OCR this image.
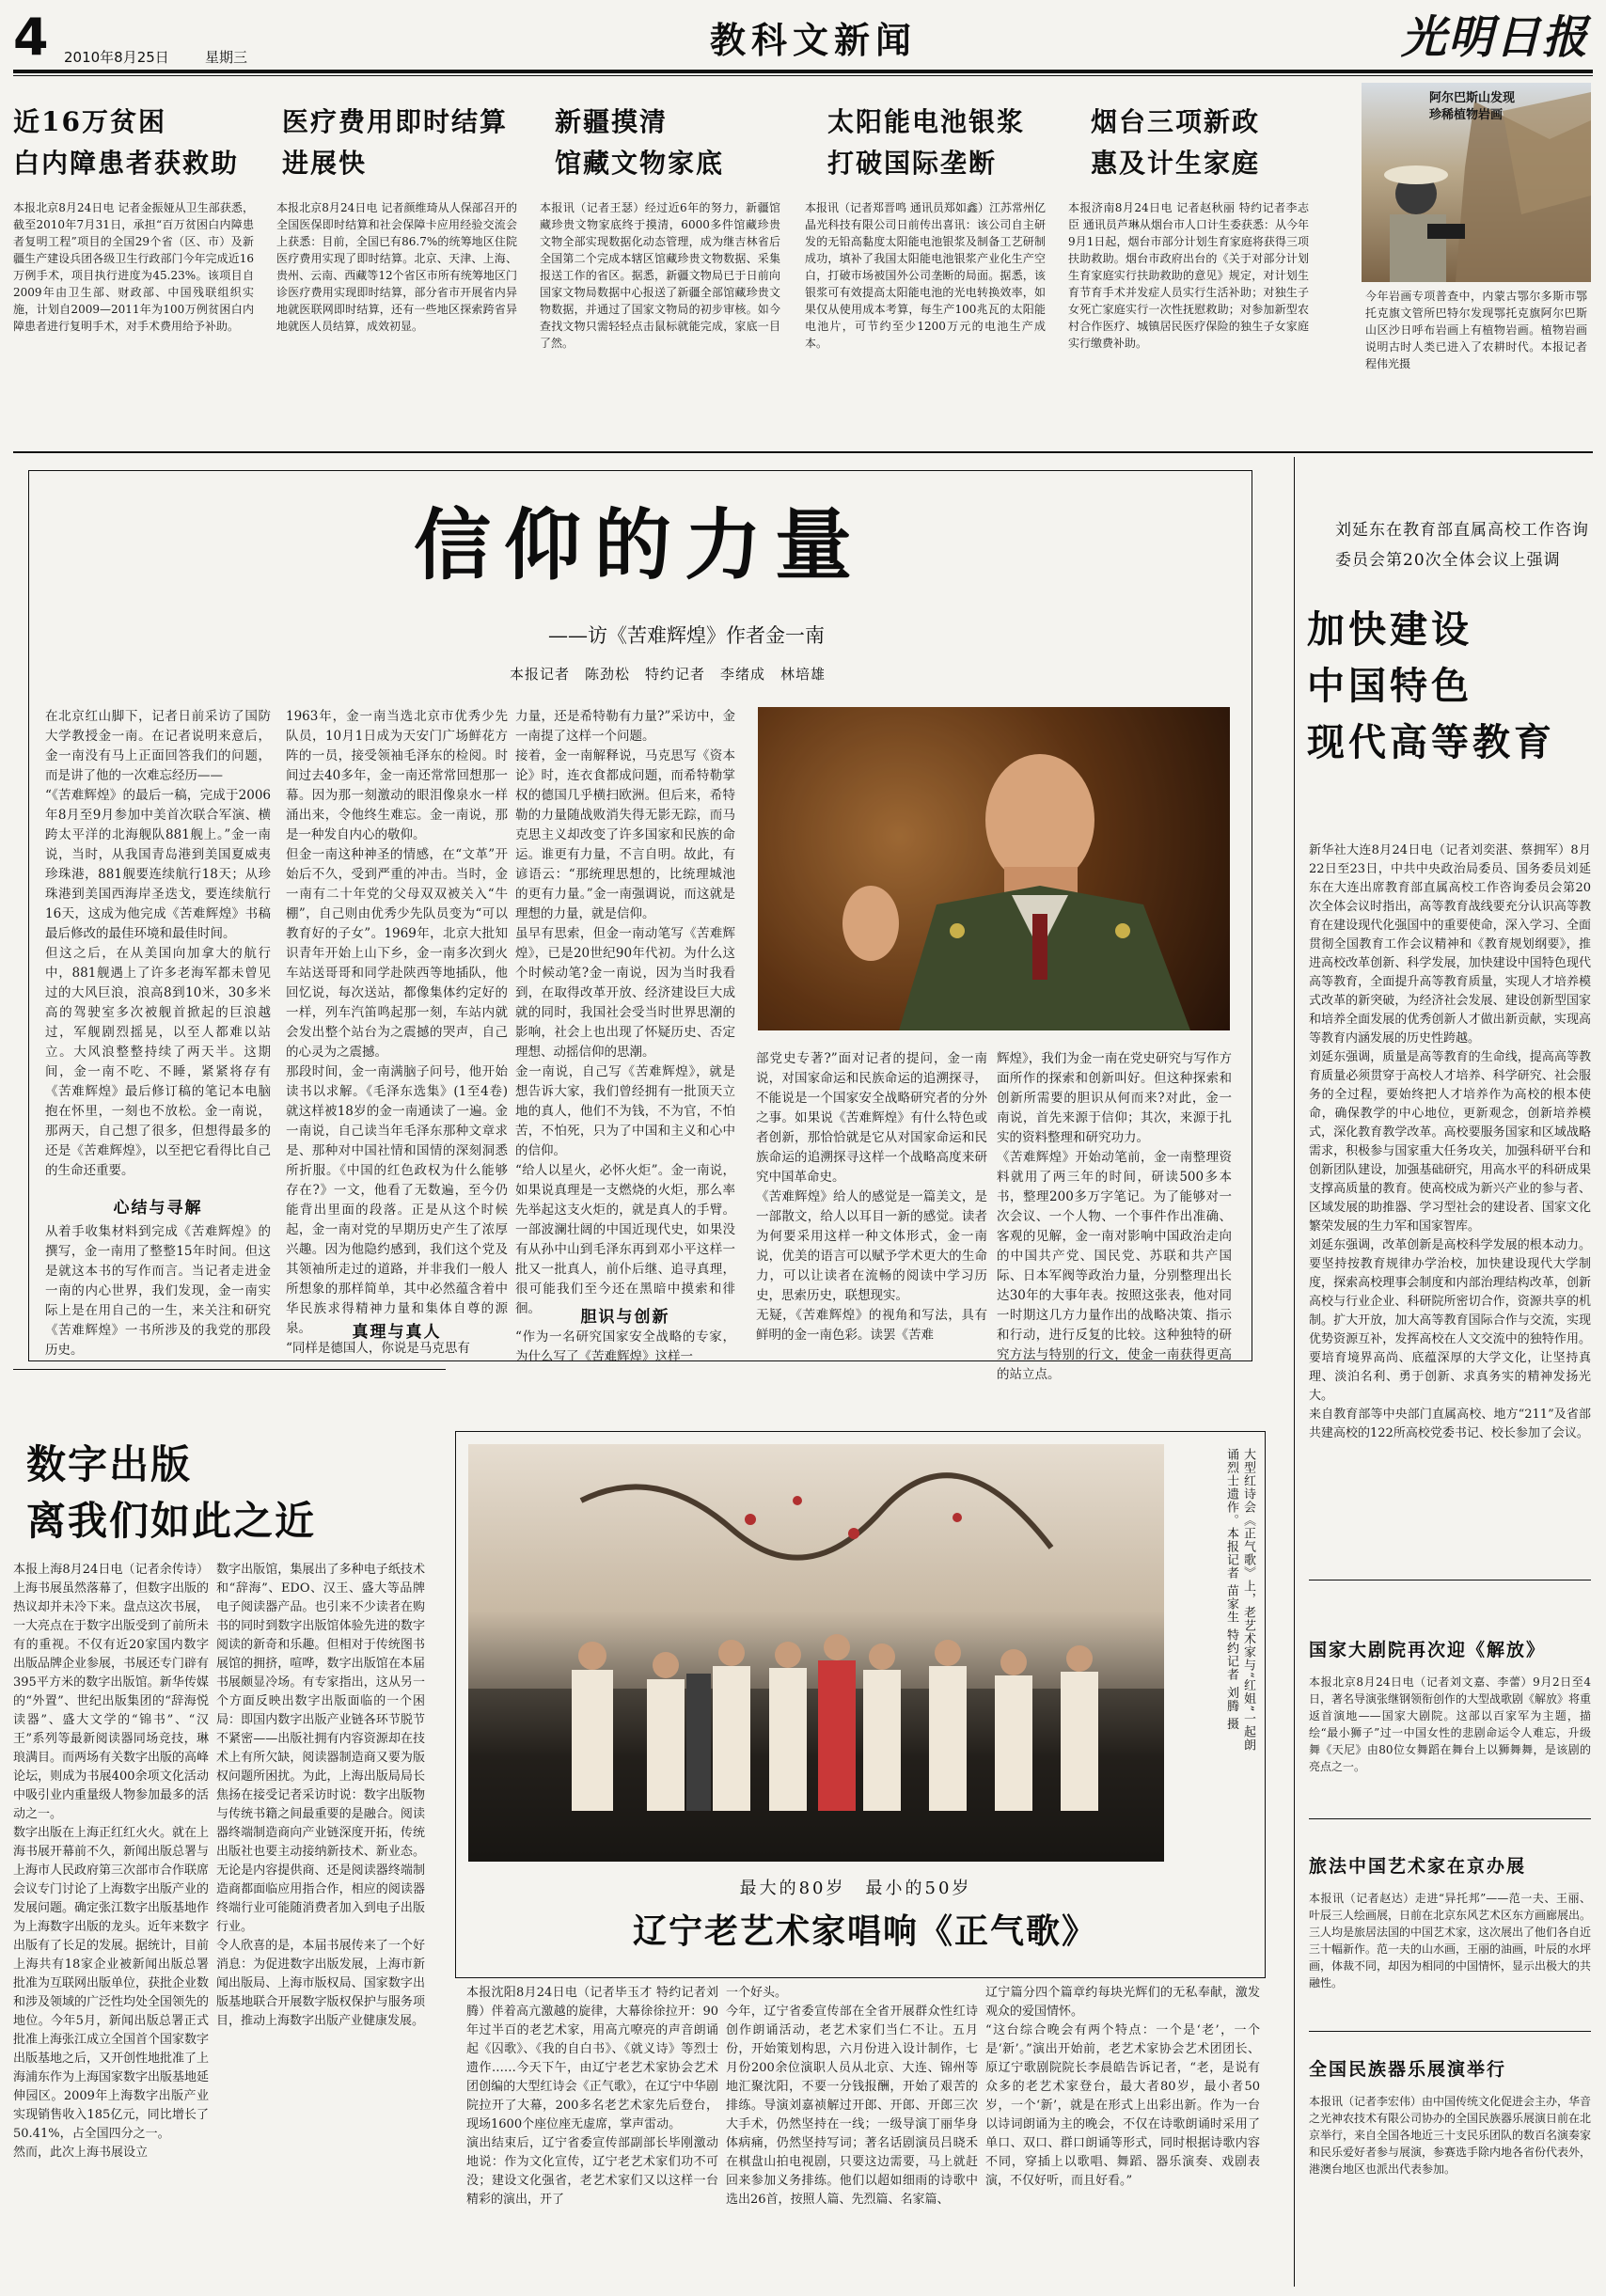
4 2010年8月25日	星期三	教科文新闻	光明日报
近16万贫困
白内障患者获救助
本报北京8月24日电 记者金振娅从卫生部获悉，截至2010年7月31日，承担“百万贫困白内障患者复明工程”项目的全国29个省（区、市）及新疆生产建设兵团各级卫生行政部门今年完成近16万例手术，项目执行进度为45.23%。该项目自2009年由卫生部、财政部、中国残联组织实施，计划自2009—2011年为100万例贫困白内障患者进行复明手术，对手术费用给予补助。
医疗费用即时结算
进展快
本报北京8月24日电 记者颜维琦从人保部召开的全国医保即时结算和社会保障卡应用经验交流会上获悉：目前，全国已有86.7%的统筹地区住院医疗费用实现了即时结算。北京、天津、上海、贵州、云南、西藏等12个省区市所有统筹地区门诊医疗费用实现即时结算，部分省市开展省内异地就医联网即时结算，还有一些地区探索跨省异地就医人员结算，成效初显。
新疆摸清
馆藏文物家底
本报讯（记者王瑟）经过近6年的努力，新疆馆藏珍贵文物家底终于摸清，6000多件馆藏珍贵文物全部实现数据化动态管理，成为继吉林省后全国第二个完成本辖区馆藏珍贵文物数据、采集报送工作的省区。据悉，新疆文物局已于日前向国家文物局数据中心报送了新疆全部馆藏珍贵文物数据，并通过了国家文物局的初步审核。如今查找文物只需轻轻点击鼠标就能完成，家底一目了然。
太阳能电池银浆
打破国际垄断
本报讯（记者郑晋鸣 通讯员郑如鑫）江苏常州亿晶光科技有限公司日前传出喜讯：该公司自主研发的无铅高黏度太阳能电池银浆及制备工艺研制成功，填补了我国太阳能电池银浆产业化生产空白，打破市场被国外公司垄断的局面。据悉，该银浆可有效提高太阳能电池的光电转换效率，如果仅从使用成本考算，每生产100兆瓦的太阳能电池片，可节约至少1200万元的电池生产成本。
烟台三项新政
惠及计生家庭
本报济南8月24日电 记者赵秋丽 特约记者李志臣 通讯员芦琳从烟台市人口计生委获悉：从今年9月1日起，烟台市部分计划生育家庭将获得三项扶助救助。烟台市政府出台的《关于对部分计划生育家庭实行扶助救助的意见》规定，对计划生育节育手术并发症人员实行生活补助；对独生子女死亡家庭实行一次性抚慰救助；对参加新型农村合作医疗、城镇居民医疗保险的独生子女家庭实行缴费补助。
阿尔巴斯山发现
珍稀植物岩画
今年岩画专项普查中，内蒙古鄂尔多斯市鄂托克旗文管所巴特尔发现鄂托克旗阿尔巴斯山区沙日呼布岩画上有植物岩画。植物岩画说明古时人类已进入了农耕时代。本报记者 程伟光摄
信仰的力量
——访《苦难辉煌》作者金一南
本报记者　陈劲松　特约记者　李绪成　林培雄
在北京红山脚下，记者日前采访了国防大学教授金一南。在记者说明来意后，金一南没有马上正面回答我们的问题，而是讲了他的一次难忘经历——
“《苦难辉煌》的最后一稿，完成于2006年8月至9月参加中美首次联合军演、横跨太平洋的北海舰队881舰上。”金一南说，当时，从我国青岛港到美国夏威夷珍珠港，881舰要连续航行18天；从珍珠港到美国西海岸圣迭戈，要连续航行16天，这成为他完成《苦难辉煌》书稿最后修改的最佳环境和最佳时间。
但这之后，在从美国向加拿大的航行中，881舰遇上了许多老海军都未曾见过的大风巨浪，浪高8到10米，30多米高的驾驶室多次被舰首掀起的巨浪越过，军舰剧烈摇晃，以至人都难以站立。大风浪整整持续了两天半。这期间，金一南不吃、不睡，紧紧将存有《苦难辉煌》最后修订稿的笔记本电脑抱在怀里，一刻也不放松。金一南说，那两天，自己想了很多，但想得最多的还是《苦难辉煌》，以至把它看得比自己的生命还重要。
心结与寻解
从着手收集材料到完成《苦难辉煌》的撰写，金一南用了整整15年时间。但这是就这本书的写作而言。当记者走进金一南的内心世界，我们发现，金一南实际上是在用自己的一生，来关注和研究《苦难辉煌》一书所涉及的我党的那段历史。
1963年，金一南当选北京市优秀少先队员，10月1日成为天安门广场鲜花方阵的一员，接受领袖毛泽东的检阅。时间过去40多年，金一南还常常回想那一幕。因为那一刻激动的眼泪像泉水一样涌出来，令他终生难忘。金一南说，那是一种发自内心的敬仰。
但金一南这种神圣的情感，在“文革”开始后不久，受到严重的冲击。当时，金一南有二十年党的父母双双被关入“牛棚”，自己则由优秀少先队员变为“可以教育好的子女”。1969年，北京大批知识青年开始上山下乡，金一南多次到火车站送哥哥和同学赴陕西等地插队，他回忆说，每次送站，都像集体约定好的一样，列车汽笛鸣起那一刻，车站内就会发出整个站台为之震撼的哭声，自己的心灵为之震撼。
那段时间，金一南满脑子问号，他开始读书以求解。《毛泽东选集》(1至4卷)就这样被18岁的金一南通读了一遍。金一南说，自己读当年毛泽东那种文章求是、那种对中国社情和国情的深刻洞悉所折服。《中国的红色政权为什么能够存在?》一文，他看了无数遍，至今仍能背出里面的段落。正是从这个时候起，金一南对党的早期历史产生了浓厚兴趣。因为他隐约感到，我们这个党及其领袖所走过的道路，并非我们一般人所想象的那样简单，其中必然蕴含着中华民族求得精神力量和集体自尊的源泉。	真理与真人
“同样是德国人，你说是马克思有
力量，还是希特勒有力量?”采访中，金一南提了这样一个问题。
接着，金一南解释说，马克思写《资本论》时，连衣食都成问题，而希特勒掌权的德国几乎横扫欧洲。但后来，希特勒的力量随战败消失得无影无踪，而马克思主义却改变了许多国家和民族的命运。谁更有力量，不言自明。故此，有谚语云：“那统理思想的，比统理城池的更有力量。”金一南强调说，而这就是理想的力量，就是信仰。
虽早有思索，但金一南动笔写《苦难辉煌》，已是20世纪90年代初。为什么这个时候动笔?金一南说，因为当时我看到，在取得改革开放、经济建设巨大成就的同时，我国社会受当时世界思潮的影响，社会上也出现了怀疑历史、否定理想、动摇信仰的思潮。
金一南说，自己写《苦难辉煌》，就是想告诉大家，我们曾经拥有一批顶天立地的真人，他们不为钱，不为官，不怕苦，不怕死，只为了中国和主义和心中的信仰。
“给人以星火，必怀火炬”。金一南说，如果说真理是一支燃烧的火炬，那么率先举起这支火炬的，就是真人的手臂。一部波澜壮阔的中国近现代史，如果没有从孙中山到毛泽东再到邓小平这样一批又一批真人，前仆后继、追寻真理，很可能我们至今还在黑暗中摸索和徘徊。	胆识与创新
“作为一名研究国家安全战略的专家，为什么写了《苦难辉煌》这样一
部党史专著?”面对记者的提问，金一南说，对国家命运和民族命运的追溯探寻，不能说是一个国家安全战略研究者的分外之事。如果说《苦难辉煌》有什么特色或者创新，那恰恰就是它从对国家命运和民族命运的追溯探寻这样一个战略高度来研究中国革命史。
《苦难辉煌》给人的感觉是一篇美文，是一部散文，给人以耳目一新的感觉。读者为何要采用这样一种文体形式，金一南说，优美的语言可以赋予学术更大的生命力，可以让读者在流畅的阅读中学习历史，思索历史，联想现实。
无疑，《苦难辉煌》的视角和写法，具有鲜明的金一南色彩。读罢《苦难
辉煌》，我们为金一南在党史研究与写作方面所作的探索和创新叫好。但这种探索和创新所需要的胆识从何而来?对此，金一南说，首先来源于信仰；其次，来源于扎实的资料整理和研究功力。
《苦难辉煌》开始动笔前，金一南整理资料就用了两三年的时间，研读500多本书，整理200多万字笔记。为了能够对一次会议、一个人物、一个事件作出准确、客观的见解，金一南对影响中国政治走向的中国共产党、国民党、苏联和共产国际、日本军阀等政治力量，分别整理出长达30年的大事年表。按照这张表，他对同一时期这几方力量作出的战略决策、指示和行动，进行反复的比较。这种独特的研究方法与特别的行文，使金一南获得更高的站立点。
刘延东在教育部直属高校工作咨询委员会第20次全体会议上强调
加快建设
中国特色
现代高等教育
新华社大连8月24日电（记者刘奕湛、蔡拥军）8月22日至23日，中共中央政治局委员、国务委员刘延东在大连出席教育部直属高校工作咨询委员会第20次全体会议时指出，高等教育战线要充分认识高等教育在建设现代化强国中的重要使命，深入学习、全面贯彻全国教育工作会议精神和《教育规划纲要》，推进高校改革创新、科学发展，加快建设中国特色现代高等教育，全面提升高等教育质量，实现人才培养模式改革的新突破，为经济社会发展、建设创新型国家和培养全面发展的优秀创新人才做出新贡献，实现高等教育内涵发展的历史性跨越。
刘延东强调，质量是高等教育的生命线，提高高等教育质量必须贯穿于高校人才培养、科学研究、社会服务的全过程，要始终把人才培养作为高校的根本使命，确保教学的中心地位，更新观念，创新培养模式，深化教育教学改革。高校要服务国家和区域战略需求，积极参与国家重大任务攻关，加强科研平台和创新团队建设，加强基础研究，用高水平的科研成果支撑高质量的教育。使高校成为新兴产业的参与者、区域发展的助推器、学习型社会的建设者、国家文化繁荣发展的生力军和国家智库。
刘延东强调，改革创新是高校科学发展的根本动力。要坚持按教育规律办学治校，加快建设现代大学制度，探索高校理事会制度和内部治理结构改革，创新高校与行业企业、科研院所密切合作，资源共享的机制。扩大开放，加大高等教育国际合作与交流，实现优势资源互补，发挥高校在人文交流中的独特作用。要培育境界高尚、底蕴深厚的大学文化，让坚持真理、淡泊名利、勇于创新、求真务实的精神发扬光大。
来自教育部等中央部门直属高校、地方“211”及省部共建高校的122所高校党委书记、校长参加了会议。
国家大剧院再次迎《解放》
本报北京8月24日电（记者刘文嘉、李蕾）9月2日至4日，著名导演张继钢领衔创作的大型战歌剧《解放》将重返首演地——国家大剧院。这部以百家军为主题，描绘“最小狮子”过一中国女性的悲剧命运令人难忘，升级舞《天尼》由80位女舞蹈在舞台上以狮舞舞，是该剧的亮点之一。
旅法中国艺术家在京办展
本报讯（记者赵达）走进“异托邦”——范一夫、王丽、叶辰三人绘画展，日前在北京东风艺术区东方画廊展出。三人均是旅居法国的中国艺术家，这次展出了他们各自近三十幅新作。范一夫的山水画，王丽的油画，叶辰的水坪画，体裁不同，却因为相同的中国情怀，显示出极大的共融性。
全国民族器乐展演举行
本报讯（记者李宏伟）由中国传统文化促进会主办，华音之光神农技术有限公司协办的全国民族器乐展演日前在北京举行，来自全国各地近三十支民乐团队的数百名演奏家和民乐爱好者参与展演，参赛选手除内地各省份代表外，港澳台地区也派出代表参加。
数字出版
离我们如此之近
本报上海8月24日电（记者余传诗）上海书展虽然落幕了，但数字出版的热议却并未冷下来。盘点这次书展，一大亮点在于数字出版受到了前所未有的重视。不仅有近20家国内数字出版品牌企业参展，书展还专门辟有395平方米的数字出版馆。新华传媒的“外置”、世纪出版集团的“辞海悦读器”、盛大文学的“锦书”、“汉王”系列等最新阅读器同场竞技，琳琅满目。而两场有关数字出版的高峰论坛，则成为书展400余项文化活动中吸引业内重量级人物参加最多的活动之一。
数字出版在上海正红红火火。就在上海书展开幕前不久，新闻出版总署与上海市人民政府第三次部市合作联席会议专门讨论了上海数字出版产业的发展问题。确定张江数字出版基地作为上海数字出版的龙头。近年来数字出版有了长足的发展。据统计，目前上海共有18家企业被新闻出版总署批准为互联网出版单位，获批企业数和涉及领域的广泛性均处全国领先的地位。今年5月，新闻出版总署正式批准上海张江成立全国首个国家数字出版基地之后，又开创性地批准了上海浦东作为上海国家数字出版基地延伸园区。2009年上海数字出版产业实现销售收入185亿元，同比增长了50.41%，占全国四分之一。
然而，此次上海书展设立
数字出版馆，集展出了多种电子纸技术和“辞海”、EDO、汉王、盛大等品牌电子阅读器产品。也引来不少读者在购书的同时到数字出版馆体验先进的数字阅读的新奇和乐趣。但相对于传统图书展馆的拥挤，喧哗，数字出版馆在本届书展颇显冷场。有专家指出，这从另一个方面反映出数字出版面临的一个困局：即国内数字出版产业链各环节脱节不紧密——出版社拥有内容资源却在技术上有所欠缺，阅读器制造商又要为版权问题所困扰。为此，上海出版局局长焦扬在接受记者采访时说：数字出版物与传统书籍之间最重要的是融合。阅读器终端制造商向产业链深度开拓，传统出版社也要主动接纳新技术、新业态。无论是内容提供商、还是阅读器终端制造商都面临应用指合作，相应的阅读器终端行业可能随消费者加入到电子出版行业。
令人欣喜的是，本届书展传来了一个好消息：为促进数字出版发展，上海市新闻出版局、上海市版权局、国家数字出版基地联合开展数字版权保护与服务项目，推动上海数字出版产业健康发展。
大型红诗会《正气歌》上，老艺术家与“红姐”一起朗诵烈士遗作。本报记者 苗家生 特约记者 刘腾 摄
最大的80岁　最小的50岁
辽宁老艺术家唱响《正气歌》
本报沈阳8月24日电（记者毕玉才 特约记者刘腾）伴着高亢激越的旋律，大幕徐徐拉开：90年过半百的老艺术家，用高亢嘹亮的声音朗诵起《囚歌》、《我的自白书》、《就义诗》等烈士遗作……今天下午，由辽宁老艺术家协会艺术团创编的大型红诗会《正气歌》，在辽宁中华剧院拉开了大幕，200多名老艺术家先后登台，现场1600个座位座无虚席，掌声雷动。
演出结束后，辽宁省委宣传部副部长毕刚激动地说：作为文化宣传，辽宁老艺术家们功不可没；建设文化强省，老艺术家们又以这样一台精彩的演出，开了
一个好头。
今年，辽宁省委宣传部在全省开展群众性红诗创作朗诵活动，老艺术家们当仁不让。五月份，开始策划构思，六月份进入设计制作，七月份200余位演职人员从北京、大连、锦州等地汇聚沈阳，不要一分钱报酬，开始了艰苦的排练。导演刘嘉祯解过开郎、开郎、开郎三次大手术，仍然坚持在一线；一级导演丁丽华身体病痛，仍然坚持写词；著名话剧演员吕晓禾在棋盘山拍电视剧，只要这边需要，马上就赶回来参加义务排练。他们以超如细雨的诗歌中选出26首，按照人篇、先烈篇、名家篇、
辽宁篇分四个篇章约每块光辉们的无私奉献，激发观众的爱国情怀。
“这台综合晚会有两个特点：一个是‘老’，一个是‘新’。”演出开始前，老艺术家协会艺术团团长、原辽宁歌剧院院长李晨皓告诉记者，“老，是说有众多的老艺术家登台，最大者80岁，最小者50岁，一个‘新’，就是在形式上出彩出新。作为一台以诗词朗诵为主的晚会，不仅在诗歌朗诵时采用了单口、双口、群口朗诵等形式，同时根据诗歌内容不同，穿插上以歌唱、舞蹈、器乐演奏、戏剧表演，不仅好听，而且好看。”
